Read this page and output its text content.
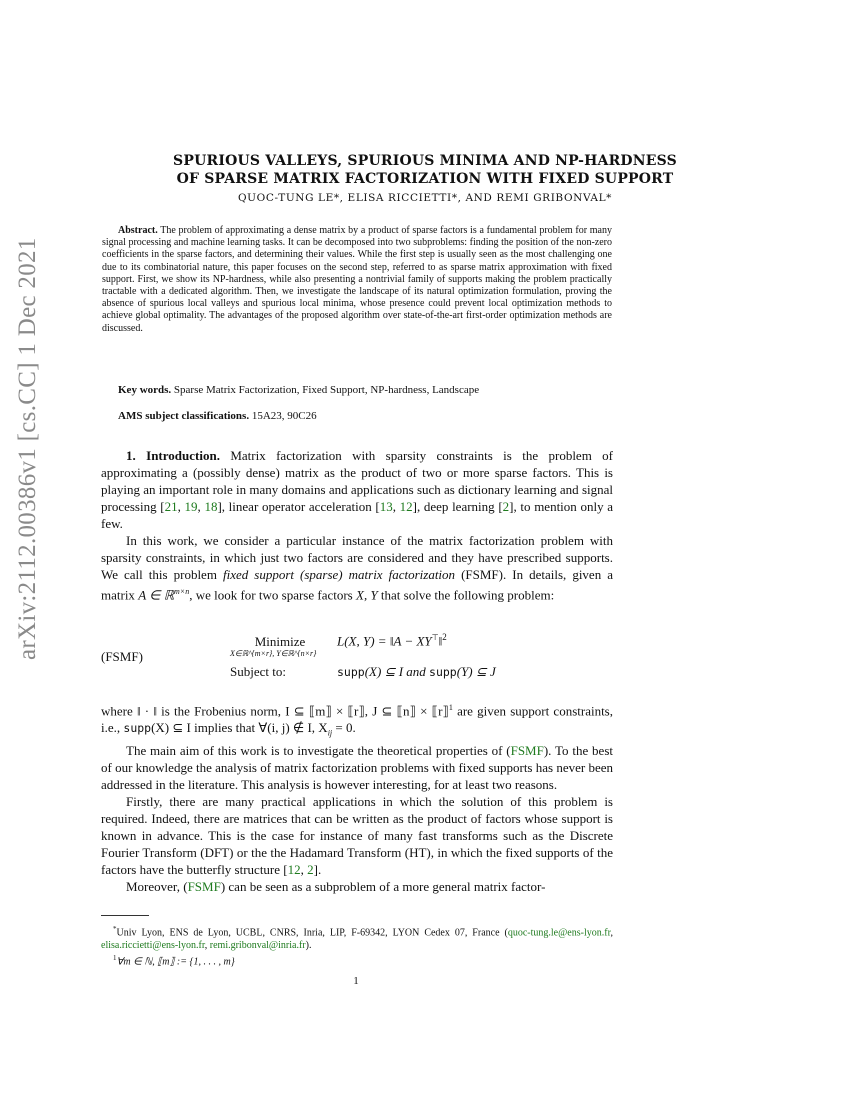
arXiv:2112.00386v1 [cs.CC] 1 Dec 2021
SPURIOUS VALLEYS, SPURIOUS MINIMA AND NP-HARDNESS
OF SPARSE MATRIX FACTORIZATION WITH FIXED SUPPORT
QUOC-TUNG LE*, ELISA RICCIETTI*, AND REMI GRIBONVAL*
Abstract. The problem of approximating a dense matrix by a product of sparse factors is a fundamental problem for many signal processing and machine learning tasks. It can be decomposed into two subproblems: finding the position of the non-zero coefficients in the sparse factors, and determining their values. While the first step is usually seen as the most challenging one due to its combinatorial nature, this paper focuses on the second step, referred to as sparse matrix approximation with fixed support. First, we show its NP-hardness, while also presenting a nontrivial family of supports making the problem practically tractable with a dedicated algorithm. Then, we investigate the landscape of its natural optimization formulation, proving the absence of spurious local valleys and spurious local minima, whose presence could prevent local optimization methods to achieve global optimality. The advantages of the proposed algorithm over state-of-the-art first-order optimization methods are discussed.
Key words. Sparse Matrix Factorization, Fixed Support, NP-hardness, Landscape
AMS subject classifications. 15A23, 90C26

1. Introduction. Matrix factorization with sparsity constraints is the problem of approximating a (possibly dense) matrix as the product of two or more sparse factors. This is playing an important role in many domains and applications such as dictionary learning and signal processing [21, 19, 18], linear operator acceleration [13, 12], deep learning [2], to mention only a few.

In this work, we consider a particular instance of the matrix factorization problem with sparsity constraints, in which just two factors are considered and they have prescribed supports. We call this problem fixed support (sparse) matrix factorization (FSMF). In details, given a matrix A ∈ ℝ$^{m\times n}$, we look for two sparse factors X, Y that solve the following problem:

(FSMF)
Minimize
X∈ℝ^{m×r}, Y∈ℝ^{n×r}
L(X, Y) = ‖A − XY⊤‖$^2$
Subject to:	supp(X) ⊆ I and supp(Y) ⊆ J

where ‖ · ‖ is the Frobenius norm, I ⊆ ⟦m⟧ × ⟦r⟧, J ⊆ ⟦n⟧ × ⟦r⟧$^1$ are given support constraints, i.e., supp(X) ⊆ I implies that ∀(i, j) ∉ I, $X_{ij} = 0$.

The main aim of this work is to investigate the theoretical properties of (FSMF). To the best of our knowledge the analysis of matrix factorization problems with fixed supports has never been addressed in the literature. This analysis is however interesting, for at least two reasons.

Firstly, there are many practical applications in which the solution of this problem is required. Indeed, there are matrices that can be written as the product of factors whose support is known in advance. This is the case for instance of many fast transforms such as the Discrete Fourier Transform (DFT) or the the Hadamard Transform (HT), in which the fixed supports of the factors have the butterfly structure [12, 2].

Moreover, (FSMF) can be seen as a subproblem of a more general matrix factor-

*Univ Lyon, ENS de Lyon, UCBL, CNRS, Inria, LIP, F-69342, LYON Cedex 07, France (quoc-tung.le@ens-lyon.fr, elisa.riccietti@ens-lyon.fr, remi.gribonval@inria.fr).

$^1$∀m ∈ ℕ, ⟦m⟧ := {1, . . . , m}

1
